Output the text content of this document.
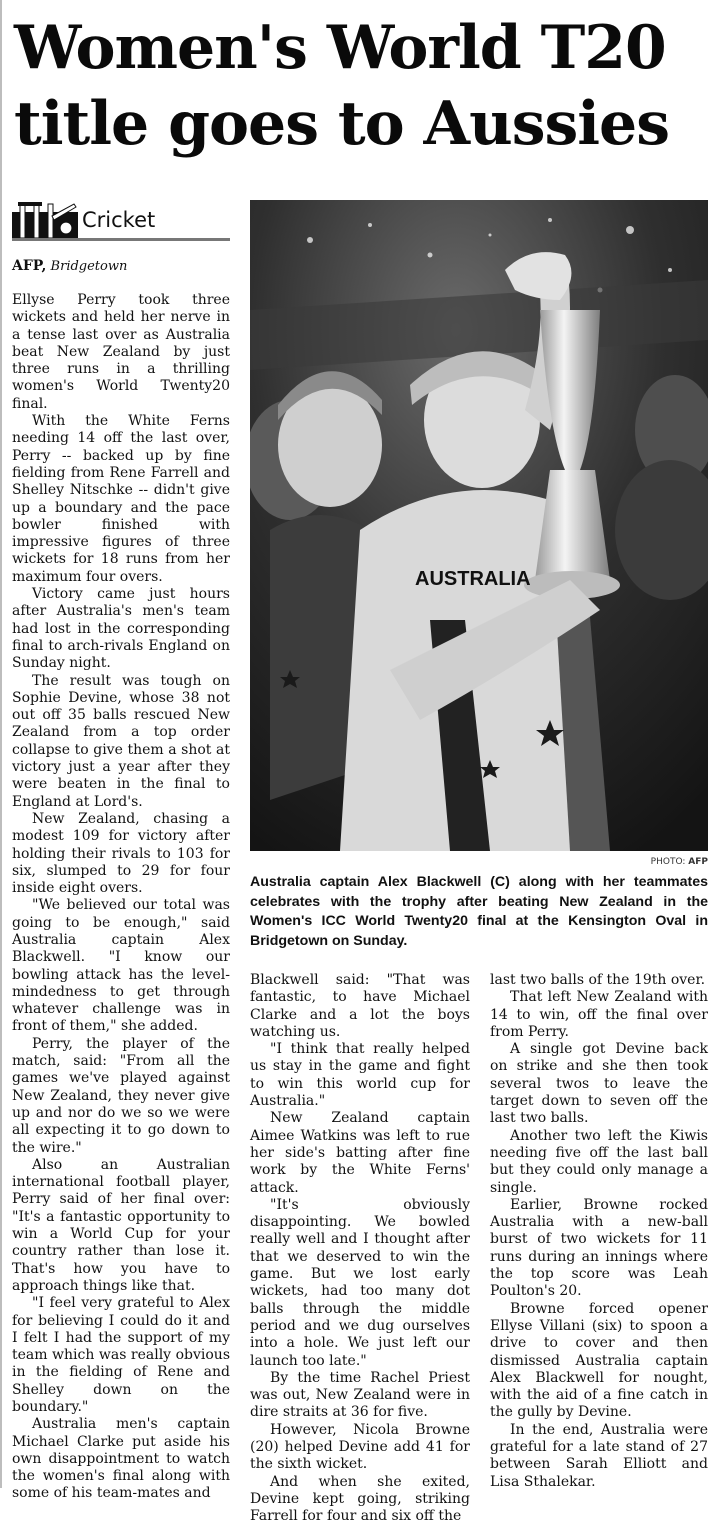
Women's World T20
title goes to Aussies
Cricket
AFP, Bridgetown

Ellyse Perry took three wickets and held her nerve in a tense last over as Australia beat New Zealand by just three runs in a thrilling women's World Twenty20 final.

With the White Ferns needing 14 off the last over, Perry -- backed up by fine fielding from Rene Farrell and Shelley Nitschke -- didn't give up a boundary and the pace bowler finished with impressive figures of three wickets for 18 runs from her maximum four overs.

Victory came just hours after Australia's men's team had lost in the corresponding final to arch-rivals England on Sunday night.

The result was tough on Sophie Devine, whose 38 not out off 35 balls rescued New Zealand from a top order collapse to give them a shot at victory just a year after they were beaten in the final to England at Lord's.

New Zealand, chasing a modest 109 for victory after holding their rivals to 103 for six, slumped to 29 for four inside eight overs.

"We believed our total was going to be enough," said Australia captain Alex Blackwell. "I know our bowling attack has the level-mindedness to get through whatever challenge was in front of them," she added.

Perry, the player of the match, said: "From all the games we've played against New Zealand, they never give up and nor do we so we were all expecting it to go down to the wire."

Also an Australian international football player, Perry said of her final over: "It's a fantastic opportunity to win a World Cup for your country rather than lose it. That's how you have to approach things like that.

"I feel very grateful to Alex for believing I could do it and I felt I had the support of my team which was really obvious in the fielding of Rene and Shelley down on the boundary."

Australia men's captain Michael Clarke put aside his own disappointment to watch the women's final along with some of his team-mates and

AUSTRALIA
PHOTO: AFP

Australia captain Alex Blackwell (C) along with her teammates celebrates with the trophy after beating New Zealand in the Women's ICC World Twenty20 final at the Kensington Oval in Bridgetown on Sunday.

Blackwell said: "That was fantastic, to have Michael Clarke and a lot the boys watching us.

"I think that really helped us stay in the game and fight to win this world cup for Australia."

New Zealand captain Aimee Watkins was left to rue her side's batting after fine work by the White Ferns' attack.

"It's obviously disappointing. We bowled really well and I thought after that we deserved to win the game. But we lost early wickets, had too many dot balls through the middle period and we dug ourselves into a hole. We just left our launch too late."

By the time Rachel Priest was out, New Zealand were in dire straits at 36 for five.

However, Nicola Browne (20) helped Devine add 41 for the sixth wicket.

And when she exited, Devine kept going, striking Farrell for four and six off the

last two balls of the 19th over.

That left New Zealand with 14 to win, off the final over from Perry.

A single got Devine back on strike and she then took several twos to leave the target down to seven off the last two balls.

Another two left the Kiwis needing five off the last ball but they could only manage a single.

Earlier, Browne rocked Australia with a new-ball burst of two wickets for 11 runs during an innings where the top score was Leah Poulton's 20.

Browne forced opener Ellyse Villani (six) to spoon a drive to cover and then dismissed Australia captain Alex Blackwell for nought, with the aid of a fine catch in the gully by Devine.

In the end, Australia were grateful for a late stand of 27 between Sarah Elliott and Lisa Sthalekar.
